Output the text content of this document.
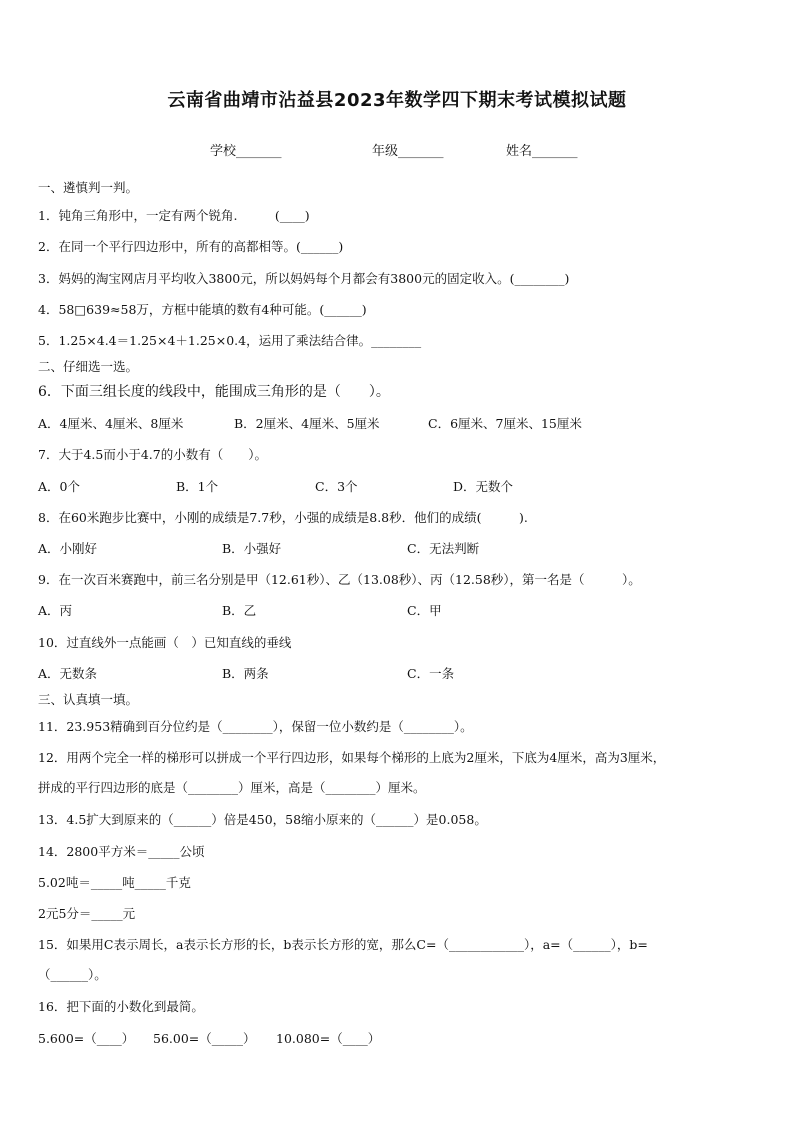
云南省曲靖市沾益县2023年数学四下期末考试模拟试题
学校_______	年级_______	姓名_______
一、遴慎判一判。
1．钝角三角形中，一定有两个锐角.　　　(____)
2．在同一个平行四边形中，所有的高都相等。(______)
3．妈妈的淘宝网店月平均收入3800元，所以妈妈每个月都会有3800元的固定收入。(________)
4．58□639≈58万，方框中能填的数有4种可能。(______)
5．1.25×4.4＝1.25×4＋1.25×0.4，运用了乘法结合律。________
二、仔细选一选。
6．下面三组长度的线段中，能围成三角形的是（　　）。
A．4厘米、4厘米、8厘米	B．2厘米、4厘米、5厘米	C．6厘米、7厘米、15厘米
7．大于4.5而小于4.7的小数有（　　）。
A．0个	B．1个	C．3个	D．无数个
8．在60米跑步比赛中，小刚的成绩是7.7秒，小强的成绩是8.8秒．他们的成绩(　　　).
A．小刚好	B．小强好	C．无法判断
9．在一次百米赛跑中，前三名分别是甲（12.61秒）、乙（13.08秒）、丙（12.58秒），第一名是（　　　）。
A．丙	B．乙	C．甲
10．过直线外一点能画（　）已知直线的垂线
A．无数条	B．两条	C．一条
三、认真填一填。
11．23.953精确到百分位约是（________），保留一位小数约是（________）。
12．用两个完全一样的梯形可以拼成一个平行四边形，如果每个梯形的上底为2厘米，下底为4厘米，高为3厘米，
拼成的平行四边形的底是（________）厘米，高是（________）厘米。
13．4.5扩大到原来的（______）倍是450，58缩小原来的（______）是0.058。
14．2800平方米＝_____公顷
5.02吨＝_____吨_____千克
2元5分＝_____元
15．如果用C表示周长，a表示长方形的长，b表示长方形的宽，那么C=（____________），a=（______），b=
（______）。
16．把下面的小数化到最简。
5.600=（____） 56.00=（_____） 10.080=（____）
